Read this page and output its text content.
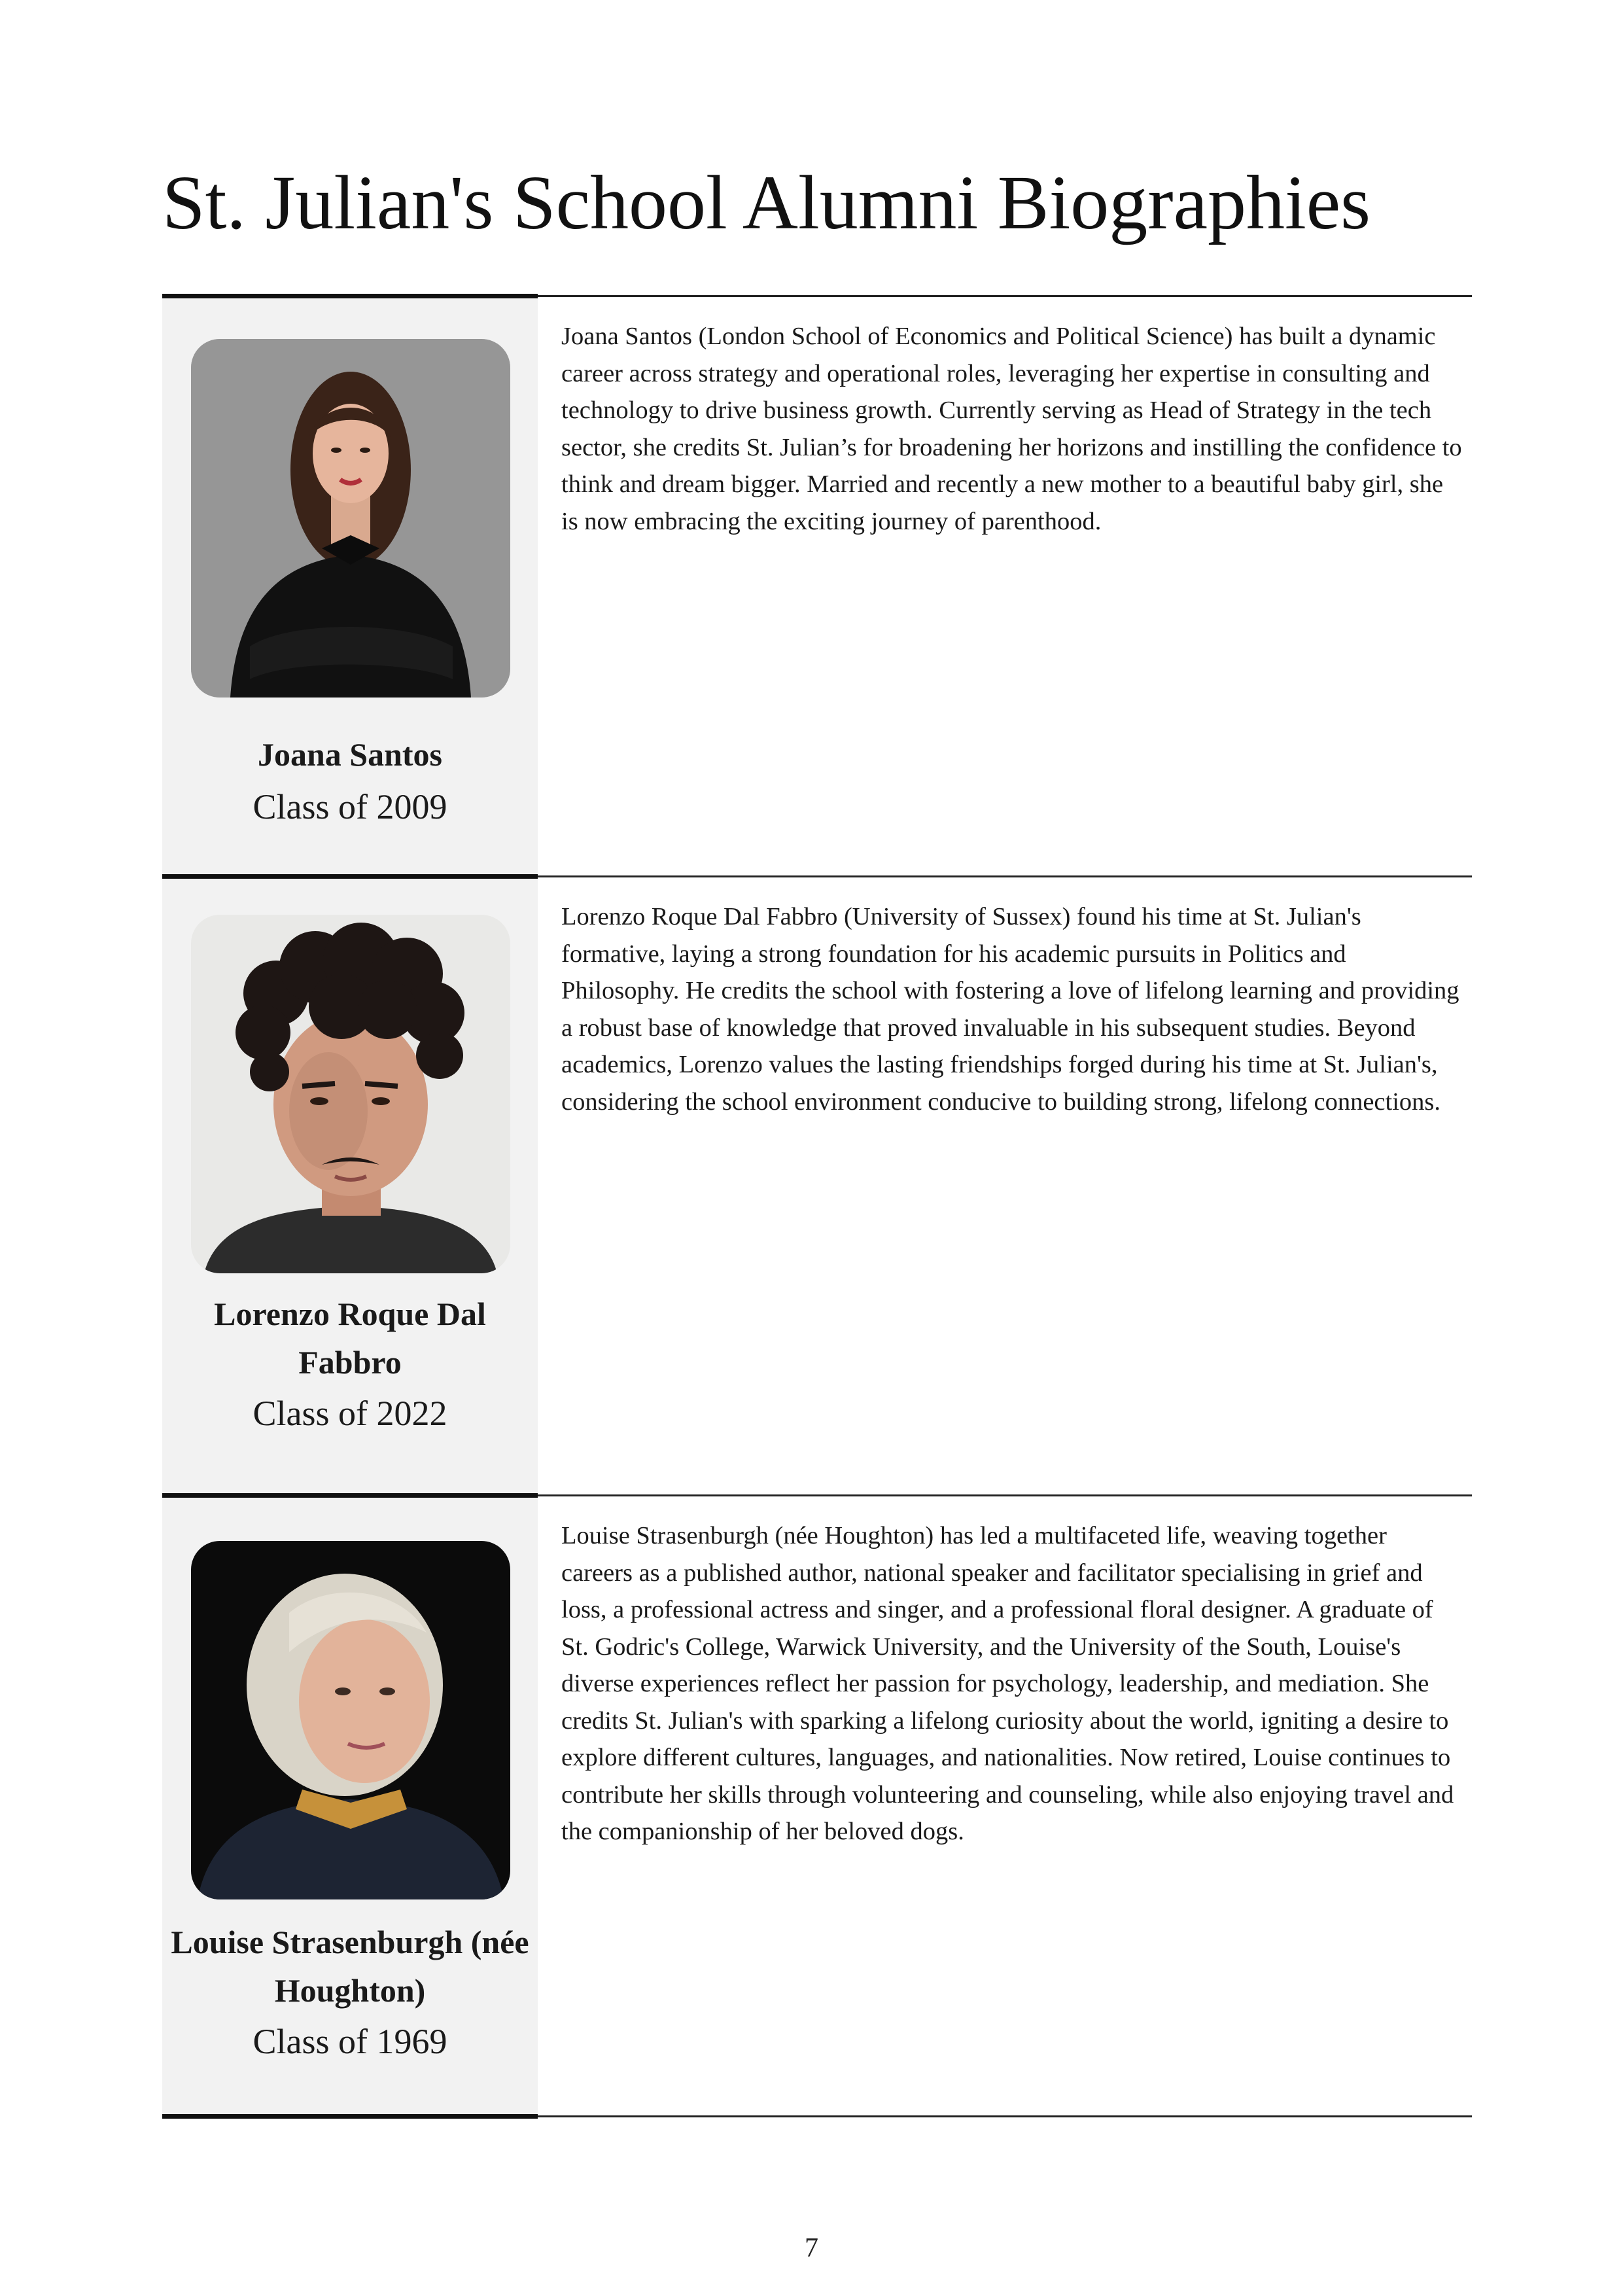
St. Julian's School Alumni Biographies
Joana Santos
Class of 2009

Joana Santos (London School of Economics and Political Science) has built a dynamic career across strategy and operational roles, leveraging her expertise in consulting and technology to drive business growth. Currently serving as Head of Strategy in the tech sector, she credits St. Julian’s for broadening her horizons and instilling the confidence to think and dream bigger. Married and recently a new mother to a beautiful baby girl, she is now embracing the exciting journey of parenthood.

Lorenzo Roque Dal Fabbro
Class of 2022

Lorenzo Roque Dal Fabbro (University of Sussex) found his time at St. Julian's formative, laying a strong foundation for his academic pursuits in Politics and Philosophy. He credits the school with fostering a love of lifelong learning and providing a robust base of knowledge that proved invaluable in his subsequent studies. Beyond academics, Lorenzo values the lasting friendships forged during his time at St. Julian's, considering the school environment conducive to building strong, lifelong connections.

Louise Strasenburgh (née Houghton)
Class of 1969

Louise Strasenburgh (née Houghton) has led a multifaceted life, weaving together careers as a published author, national speaker and facilitator specialising in grief and loss, a professional actress and singer, and a professional floral designer. A graduate of St. Godric's College, Warwick University, and the University of the South, Louise's diverse experiences reflect her passion for psychology, leadership, and mediation. She credits St. Julian's with sparking a lifelong curiosity about the world, igniting a desire to explore different cultures, languages, and nationalities. Now retired, Louise continues to contribute her skills through volunteering and counseling, while also enjoying travel and the companionship of her beloved dogs.

7
